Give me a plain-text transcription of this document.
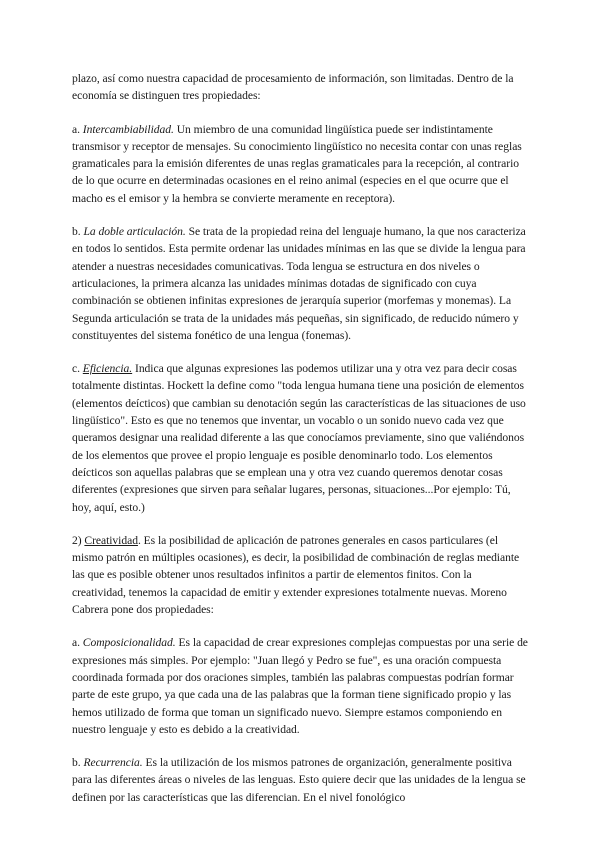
plazo, así como nuestra capacidad de procesamiento de información, son limitadas. Dentro de la economía se distinguen tres propiedades:

a. Intercambiabilidad. Un miembro de una comunidad lingüística puede ser indistintamente transmisor y receptor de mensajes. Su conocimiento lingüístico no necesita contar con unas reglas gramaticales para la emisión diferentes de unas reglas gramaticales para la recepción, al contrario de lo que ocurre en determinadas ocasiones en el reino animal (especies en el que ocurre que el macho es el emisor y la hembra se convierte meramente en receptora).

b. La doble articulación. Se trata de la propiedad reina del lenguaje humano, la que nos caracteriza en todos lo sentidos. Esta permite ordenar las unidades mínimas en las que se divide la lengua para atender a nuestras necesidades comunicativas. Toda lengua se estructura en dos niveles o articulaciones, la primera alcanza las unidades mínimas dotadas de significado con cuya combinación se obtienen infinitas expresiones de jerarquía superior (morfemas y monemas). La Segunda articulación se trata de la unidades más pequeñas, sin significado, de reducido número y constituyentes del sistema fonético de una lengua (fonemas).

c. Eficiencia. Indica que algunas expresiones las podemos utilizar una y otra vez para decir cosas totalmente distintas. Hockett la define como "toda lengua humana tiene una posición de elementos (elementos deícticos) que cambian su denotación según las características de las situaciones de uso lingüístico". Esto es que no tenemos que inventar, un vocablo o un sonido nuevo cada vez que queramos designar una realidad diferente a las que conocíamos previamente, sino que valiéndonos de los elementos que provee el propio lenguaje es posible denominarlo todo. Los elementos deícticos son aquellas palabras que se emplean una y otra vez cuando queremos denotar cosas diferentes (expresiones que sirven para señalar lugares, personas, situaciones...Por ejemplo: Tú, hoy, aquí, esto.)

2) Creatividad. Es la posibilidad de aplicación de patrones generales en casos particulares (el mismo patrón en múltiples ocasiones), es decir, la posibilidad de combinación de reglas mediante las que es posible obtener unos resultados infinitos a partir de elementos finitos. Con la creatividad, tenemos la capacidad de emitir y extender expresiones totalmente nuevas. Moreno Cabrera pone dos propiedades:

a. Composicionalidad. Es la capacidad de crear expresiones complejas compuestas por una serie de expresiones más simples. Por ejemplo: "Juan llegó y Pedro se fue", es una oración compuesta coordinada formada por dos oraciones simples, también las palabras compuestas podrían formar parte de este grupo, ya que cada una de las palabras que la forman tiene significado propio y las hemos utilizado de forma que toman un significado nuevo. Siempre estamos componiendo en nuestro lenguaje y esto es debido a la creatividad.

b. Recurrencia. Es la utilización de los mismos patrones de organización, generalmente positiva para las diferentes áreas o niveles de las lenguas. Esto quiere decir que las unidades de la lengua se definen por las características que las diferencian. En el nivel fonológico
